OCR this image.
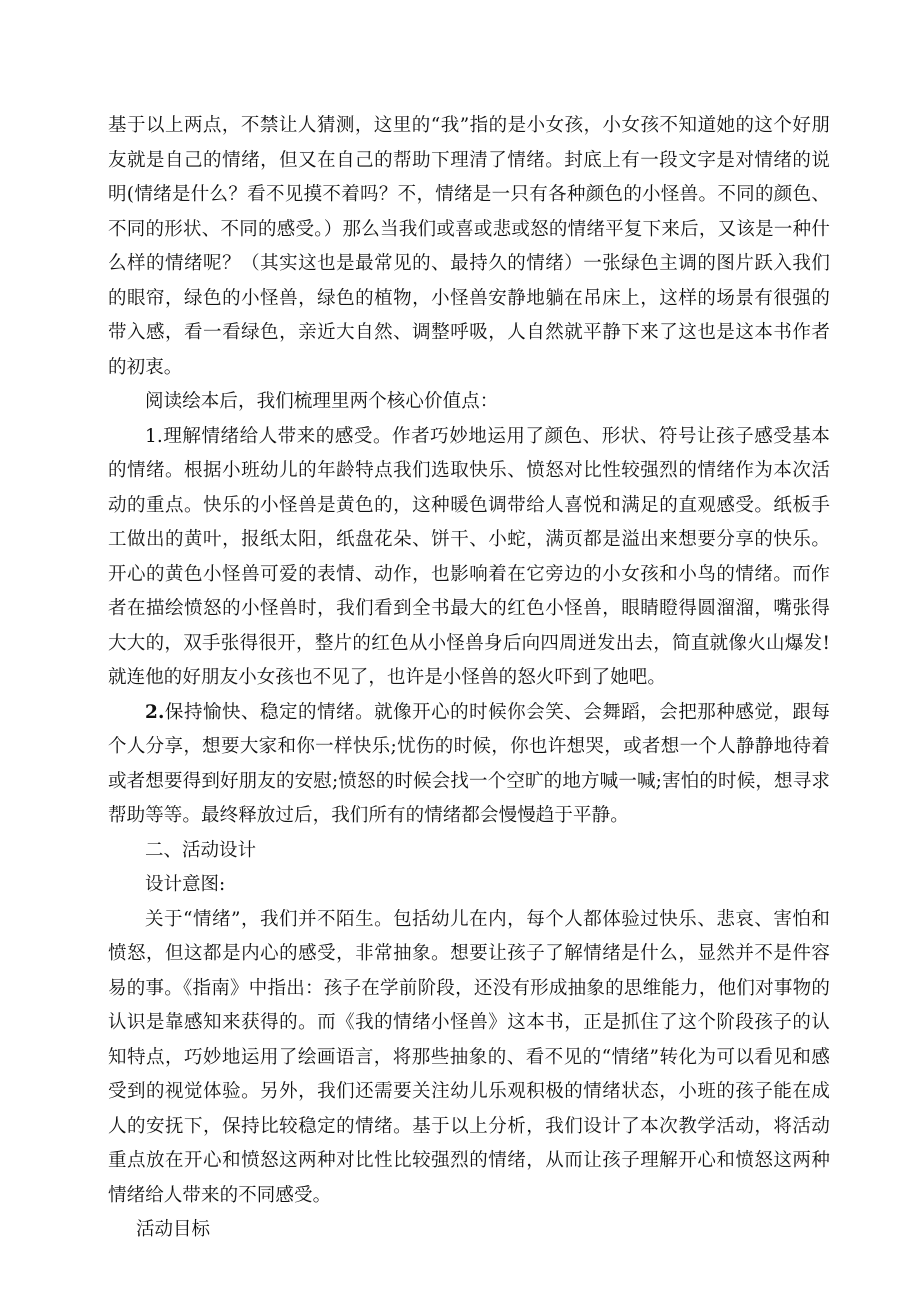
基于以上两点，不禁让人猜测，这里的“我”指的是小女孩，小女孩不知道她的这个好朋友就是自己的情绪，但又在自己的帮助下理清了情绪。封底上有一段文字是对情绪的说明(情绪是什么？看不见摸不着吗？不，情绪是一只有各种颜色的小怪兽。不同的颜色、不同的形状、不同的感受。）那么当我们或喜或悲或怒的情绪平复下来后，又该是一种什么样的情绪呢？（其实这也是最常见的、最持久的情绪）一张绿色主调的图片跃入我们的眼帘，绿色的小怪兽，绿色的植物，小怪兽安静地躺在吊床上，这样的场景有很强的带入感，看一看绿色，亲近大自然、调整呼吸，人自然就平静下来了这也是这本书作者的初衷。

阅读绘本后，我们梳理里两个核心价值点：

1.理解情绪给人带来的感受。作者巧妙地运用了颜色、形状、符号让孩子感受基本的情绪。根据小班幼儿的年龄特点我们选取快乐、愤怒对比性较强烈的情绪作为本次活动的重点。快乐的小怪兽是黄色的，这种暖色调带给人喜悦和满足的直观感受。纸板手工做出的黄叶，报纸太阳，纸盘花朵、饼干、小蛇，满页都是溢出来想要分享的快乐。开心的黄色小怪兽可爱的表情、动作，也影响着在它旁边的小女孩和小鸟的情绪。而作者在描绘愤怒的小怪兽时，我们看到全书最大的红色小怪兽，眼睛瞪得圆溜溜，嘴张得大大的，双手张得很开，整片的红色从小怪兽身后向四周迸发出去，简直就像火山爆发!就连他的好朋友小女孩也不见了，也许是小怪兽的怒火吓到了她吧。

2.保持愉快、稳定的情绪。就像开心的时候你会笑、会舞蹈，会把那种感觉，跟每个人分享，想要大家和你一样快乐;忧伤的时候，你也许想哭，或者想一个人静静地待着或者想要得到好朋友的安慰;愤怒的时候会找一个空旷的地方喊一喊;害怕的时候，想寻求帮助等等。最终释放过后，我们所有的情绪都会慢慢趋于平静。

二、活动设计

设计意图:

关于“情绪”，我们并不陌生。包括幼儿在内，每个人都体验过快乐、悲哀、害怕和愤怒，但这都是内心的感受，非常抽象。想要让孩子了解情绪是什么，显然并不是件容易的事。《指南》中指出：孩子在学前阶段，还没有形成抽象的思维能力，他们对事物的认识是靠感知来获得的。而《我的情绪小怪兽》这本书，正是抓住了这个阶段孩子的认知特点，巧妙地运用了绘画语言，将那些抽象的、看不见的“情绪”转化为可以看见和感受到的视觉体验。另外，我们还需要关注幼儿乐观积极的情绪状态，小班的孩子能在成人的安抚下，保持比较稳定的情绪。基于以上分析，我们设计了本次教学活动，将活动重点放在开心和愤怒这两种对比性比较强烈的情绪，从而让孩子理解开心和愤怒这两种情绪给人带来的不同感受。

活动目标
